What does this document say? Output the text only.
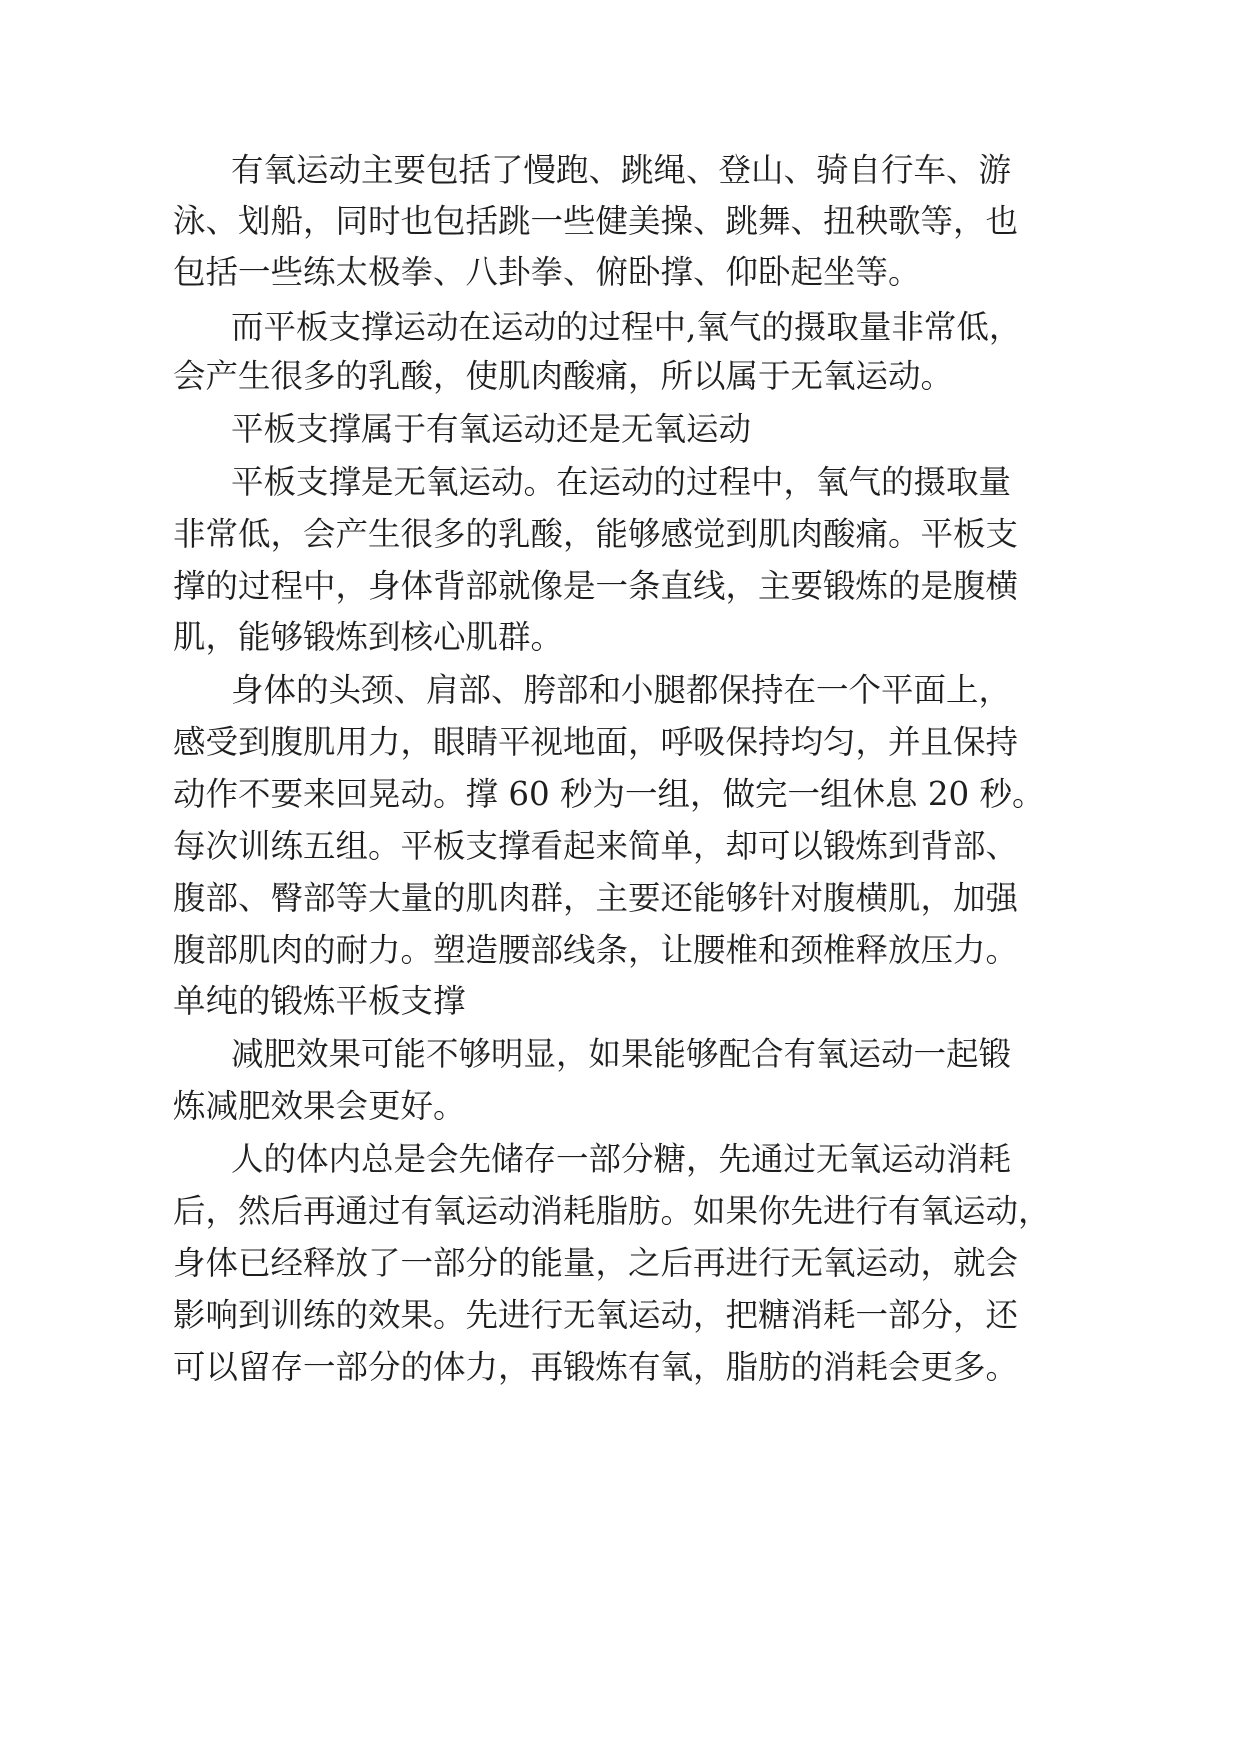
有氧运动主要包括了慢跑、跳绳、登山、骑自行车、游
泳、划船，同时也包括跳一些健美操、跳舞、扭秧歌等，也
包括一些练太极拳、八卦拳、俯卧撑、仰卧起坐等。
而平板支撑运动在运动的过程中,氧气的摄取量非常低，
会产生很多的乳酸，使肌肉酸痛，所以属于无氧运动。
平板支撑属于有氧运动还是无氧运动
平板支撑是无氧运动。在运动的过程中，氧气的摄取量
非常低，会产生很多的乳酸，能够感觉到肌肉酸痛。平板支
撑的过程中，身体背部就像是一条直线，主要锻炼的是腹横
肌，能够锻炼到核心肌群。
身体的头颈、肩部、胯部和小腿都保持在一个平面上，
感受到腹肌用力，眼睛平视地面，呼吸保持均匀，并且保持
动作不要来回晃动。撑 60 秒为一组，做完一组休息 20 秒。
每次训练五组。平板支撑看起来简单，却可以锻炼到背部、
腹部、臀部等大量的肌肉群，主要还能够针对腹横肌，加强
腹部肌肉的耐力。塑造腰部线条，让腰椎和颈椎释放压力。
单纯的锻炼平板支撑
减肥效果可能不够明显，如果能够配合有氧运动一起锻
炼减肥效果会更好。
人的体内总是会先储存一部分糖，先通过无氧运动消耗
后，然后再通过有氧运动消耗脂肪。如果你先进行有氧运动，
身体已经释放了一部分的能量，之后再进行无氧运动，就会
影响到训练的效果。先进行无氧运动，把糖消耗一部分，还
可以留存一部分的体力，再锻炼有氧，脂肪的消耗会更多。
